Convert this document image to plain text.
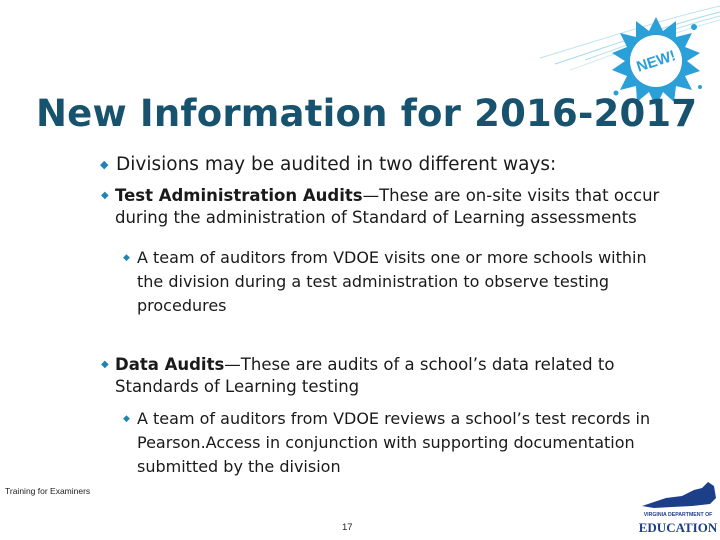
NEW!
New Information for 2016-2017
◆ Divisions may be audited in two different ways:
◆ Test Administration Audits—These are on-site visits that occur during the administration of Standard of Learning assessments
◆ A team of auditors from VDOE visits one or more schools within the division during a test administration to observe testing procedures
◆ Data Audits—These are audits of a school’s data related to Standards of Learning testing
◆ A team of auditors from VDOE reviews a school’s test records in Pearson.Access in conjunction with supporting documentation submitted by the division
Training for Examiners
17
VIRGINIA DEPARTMENT OF
EDUCATION
